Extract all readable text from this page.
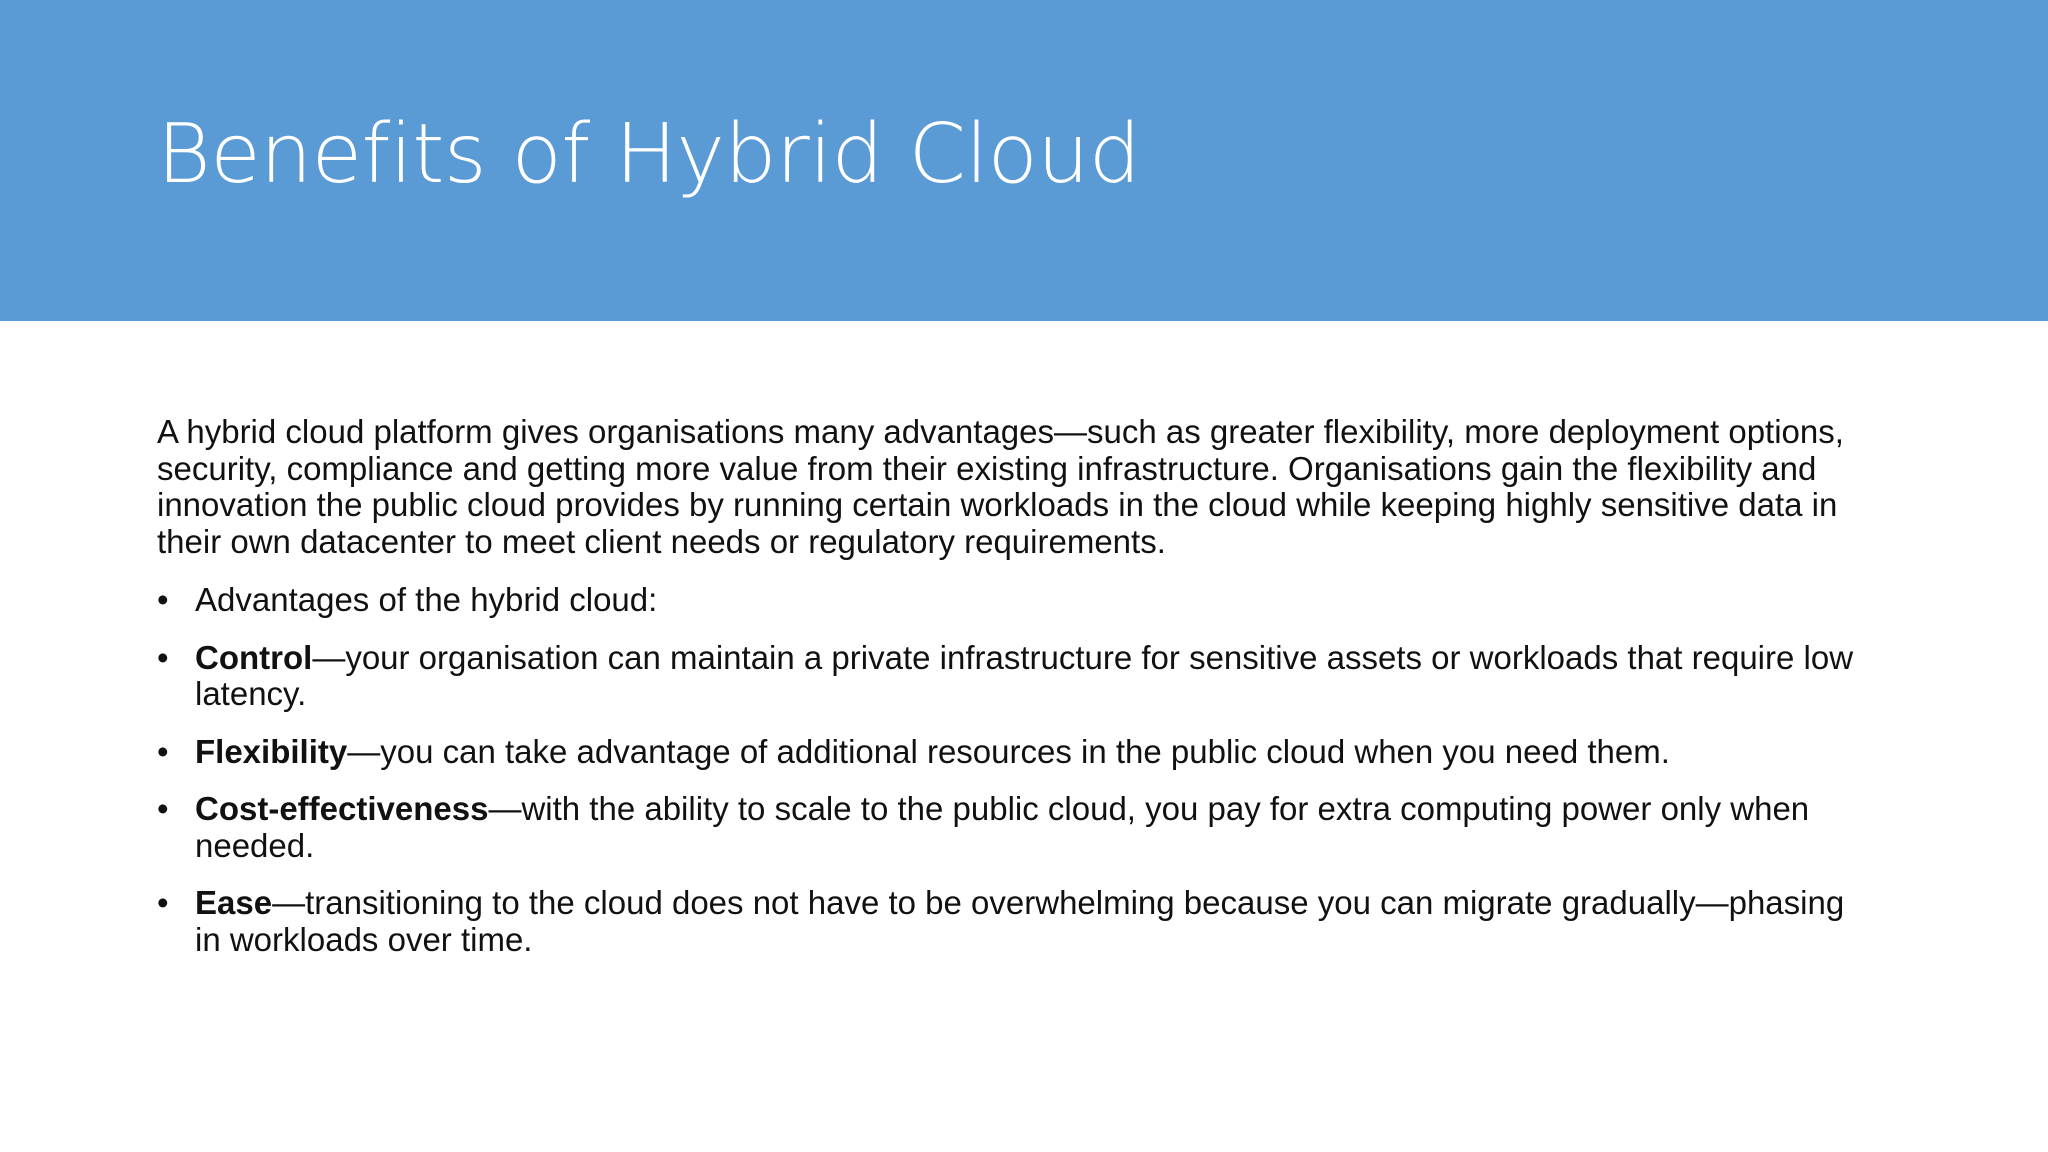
Benefits of Hybrid Cloud

A hybrid cloud platform gives organisations many advantages—such as greater flexibility, more deployment options, security, compliance and getting more value from their existing infrastructure. Organisations gain the flexibility and innovation the public cloud provides by running certain workloads in the cloud while keeping highly sensitive data in their own datacenter to meet client needs or regulatory requirements.

• Advantages of the hybrid cloud:
• Control—your organisation can maintain a private infrastructure for sensitive assets or workloads that require low latency.
• Flexibility—you can take advantage of additional resources in the public cloud when you need them.
• Cost-effectiveness—with the ability to scale to the public cloud, you pay for extra computing power only when needed.
• Ease—transitioning to the cloud does not have to be overwhelming because you can migrate gradually—phasing in workloads over time.
